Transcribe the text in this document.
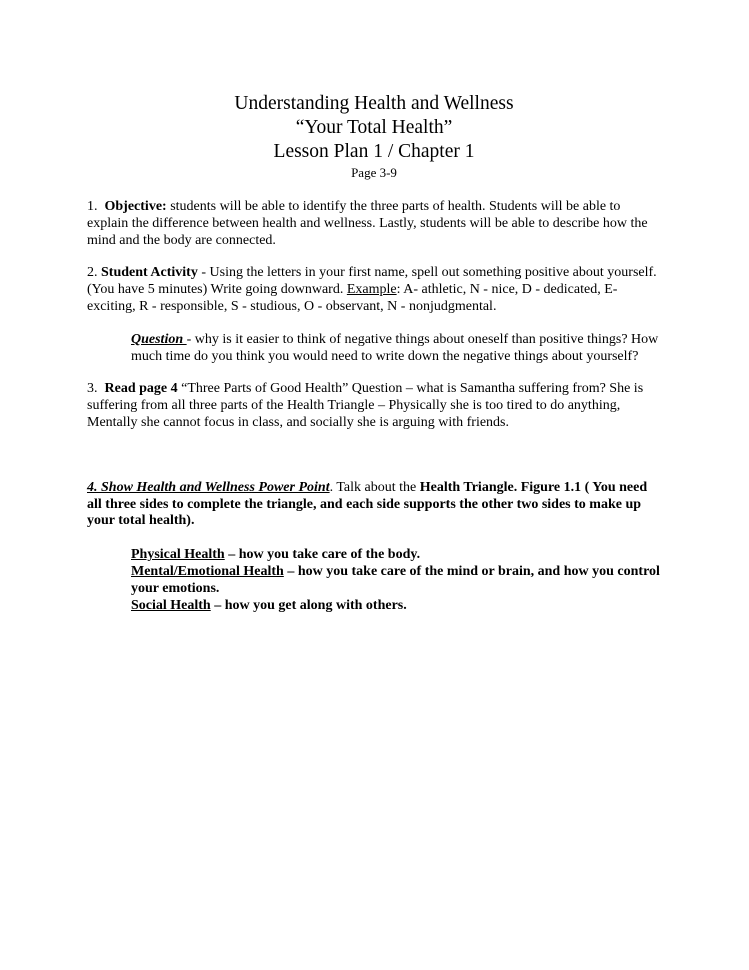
Understanding Health and Wellness
“Your Total Health”
Lesson Plan 1 / Chapter 1
Page 3-9

1. Objective: students will be able to identify the three parts of health. Students will be able to explain the difference between health and wellness. Lastly, students will be able to describe how the mind and the body are connected.

2. Student Activity - Using the letters in your first name, spell out something positive about yourself. (You have 5 minutes) Write going downward. Example: A- athletic, N - nice, D - dedicated, E- exciting, R - responsible, S - studious, O - observant, N - nonjudgmental.

Question - why is it easier to think of negative things about oneself than positive things? How much time do you think you would need to write down the negative things about yourself?

3. Read page 4 “Three Parts of Good Health” Question – what is Samantha suffering from? She is suffering from all three parts of the Health Triangle – Physically she is too tired to do anything, Mentally she cannot focus in class, and socially she is arguing with friends.

4. Show Health and Wellness Power Point. Talk about the Health Triangle. Figure 1.1 ( You need all three sides to complete the triangle, and each side supports the other two sides to make up your total health).

Physical Health – how you take care of the body.
Mental/Emotional Health – how you take care of the mind or brain, and how you control your emotions.
Social Health – how you get along with others.
